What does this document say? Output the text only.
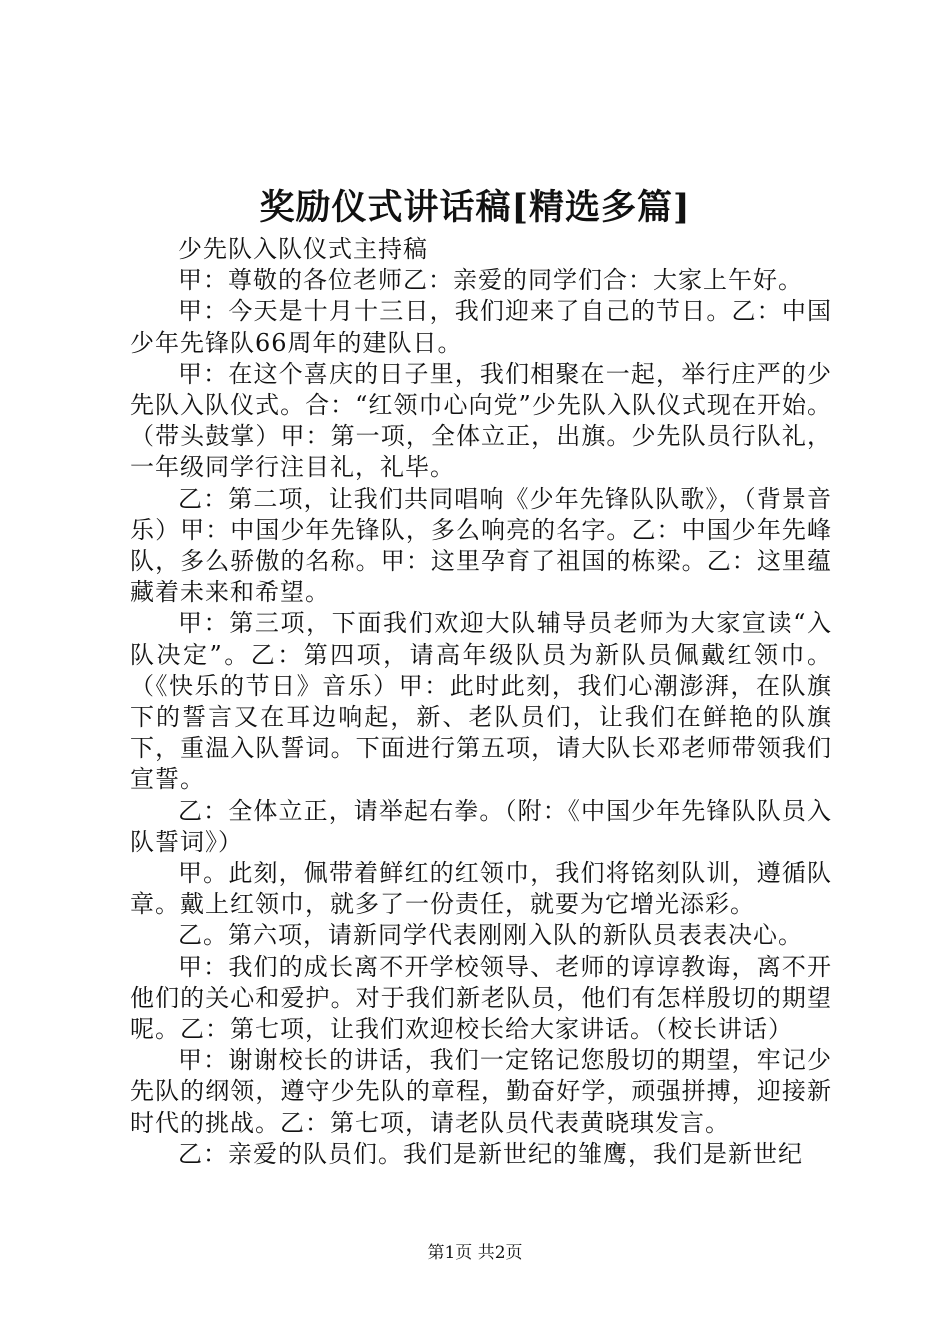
奖励仪式讲话稿[精选多篇]

少先队入队仪式主持稿

甲：尊敬的各位老师乙：亲爱的同学们合：大家上午好。

甲：今天是十月十三日，我们迎来了自己的节日。乙：中国少年先锋队66周年的建队日。

甲：在这个喜庆的日子里，我们相聚在一起，举行庄严的少先队入队仪式。合：“红领巾心向党”少先队入队仪式现在开始。（带头鼓掌）甲：第一项，全体立正，出旗。少先队员行队礼，一年级同学行注目礼，礼毕。

乙：第二项，让我们共同唱响《少年先锋队队歌》，（背景音乐）甲：中国少年先锋队，多么响亮的名字。乙：中国少年先峰队，多么骄傲的名称。甲：这里孕育了祖国的栋梁。乙：这里蕴藏着未来和希望。

甲：第三项，下面我们欢迎大队辅导员老师为大家宣读“入队决定”。乙：第四项，请高年级队员为新队员佩戴红领巾。（《快乐的节日》音乐）甲：此时此刻，我们心潮澎湃，在队旗下的誓言又在耳边响起，新、老队员们，让我们在鲜艳的队旗下，重温入队誓词。下面进行第五项，请大队长邓老师带领我们宣誓。

乙：全体立正，请举起右拳。（附：《中国少年先锋队队员入队誓词》）

甲。此刻，佩带着鲜红的红领巾，我们将铭刻队训，遵循队章。戴上红领巾，就多了一份责任，就要为它增光添彩。

乙。第六项，请新同学代表刚刚入队的新队员表表决心。

甲：我们的成长离不开学校领导、老师的谆谆教诲，离不开他们的关心和爱护。对于我们新老队员，他们有怎样殷切的期望呢。乙：第七项，让我们欢迎校长给大家讲话。（校长讲话）

甲：谢谢校长的讲话，我们一定铭记您殷切的期望，牢记少先队的纲领，遵守少先队的章程，勤奋好学，顽强拼搏，迎接新时代的挑战。乙：第七项，请老队员代表黄晓琪发言。

乙：亲爱的队员们。我们是新世纪的雏鹰，我们是新世纪

第1页 共2页
